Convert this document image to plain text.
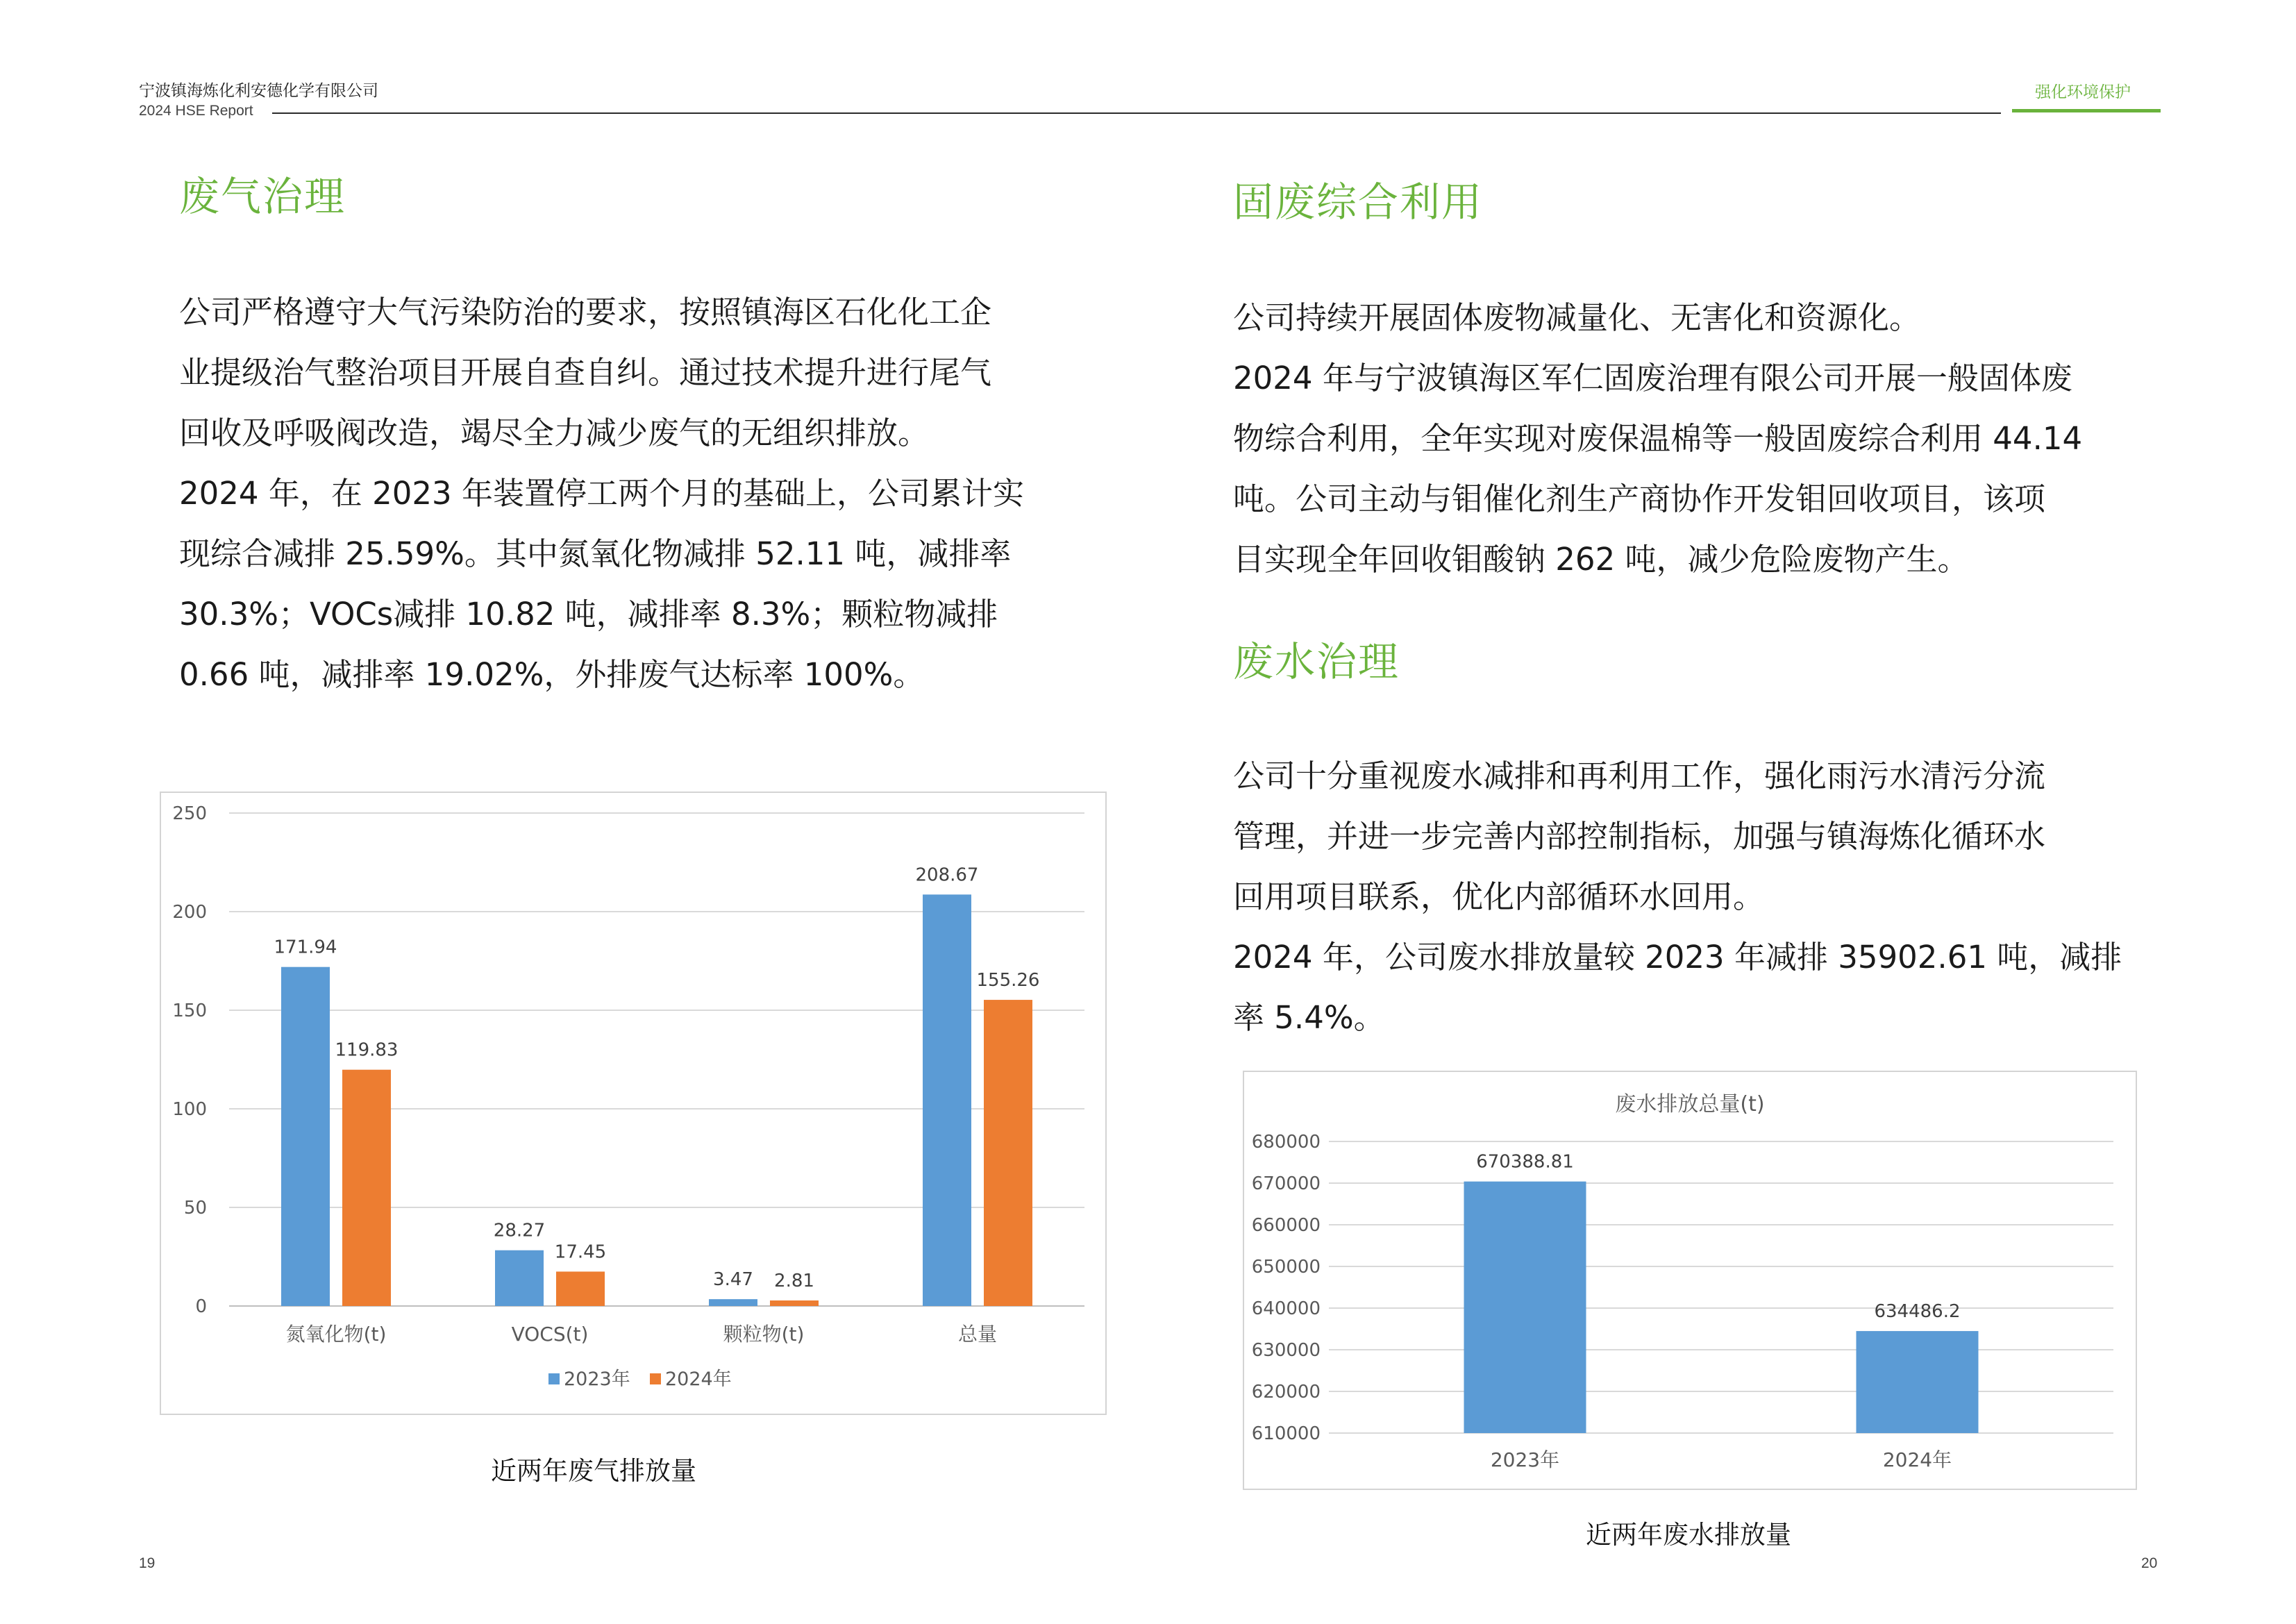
宁波镇海炼化利安德化学有限公司
2024 HSE Report
强化环境保护
废气治理
公司严格遵守大气污染防治的要求，按照镇海区石化化工企
业提级治气整治项目开展自查自纠。通过技术提升进行尾气
回收及呼吸阀改造，竭尽全力减少废气的无组织排放。
2024 年，在 2023 年装置停工两个月的基础上，公司累计实
现综合减排 25.59%。其中氮氧化物减排 52.11 吨，减排率
30.3%；VOCs减排 10.82 吨，减排率 8.3%；颗粒物减排
0.66 吨，减排率 19.02%，外排废气达标率 100%。
0
50
100
150
200
250
171.94
119.83
氮氧化物(t)
28.27
17.45
VOCS(t)
3.47 2.81
颗粒物(t)
208.67
155.26
总量
2023年 2024年
近两年废气排放量
19
固废综合利用
公司持续开展固体废物减量化、无害化和资源化。
2024 年与宁波镇海区军仁固废治理有限公司开展一般固体废
物综合利用，全年实现对废保温棉等一般固废综合利用 44.14
吨。公司主动与钼催化剂生产商协作开发钼回收项目，该项
目实现全年回收钼酸钠 262 吨，减少危险废物产生。
废水治理
公司十分重视废水减排和再利用工作，强化雨污水清污分流
管理，并进一步完善内部控制指标，加强与镇海炼化循环水
回用项目联系，优化内部循环水回用。
2024 年，公司废水排放量较 2023 年减排 35902.61 吨，减排
率 5.4%。
废水排放总量(t)
610000
620000
630000
640000
650000
660000
670000
680000
670388.81
2023年
634486.2
2024年
近两年废水排放量
20
